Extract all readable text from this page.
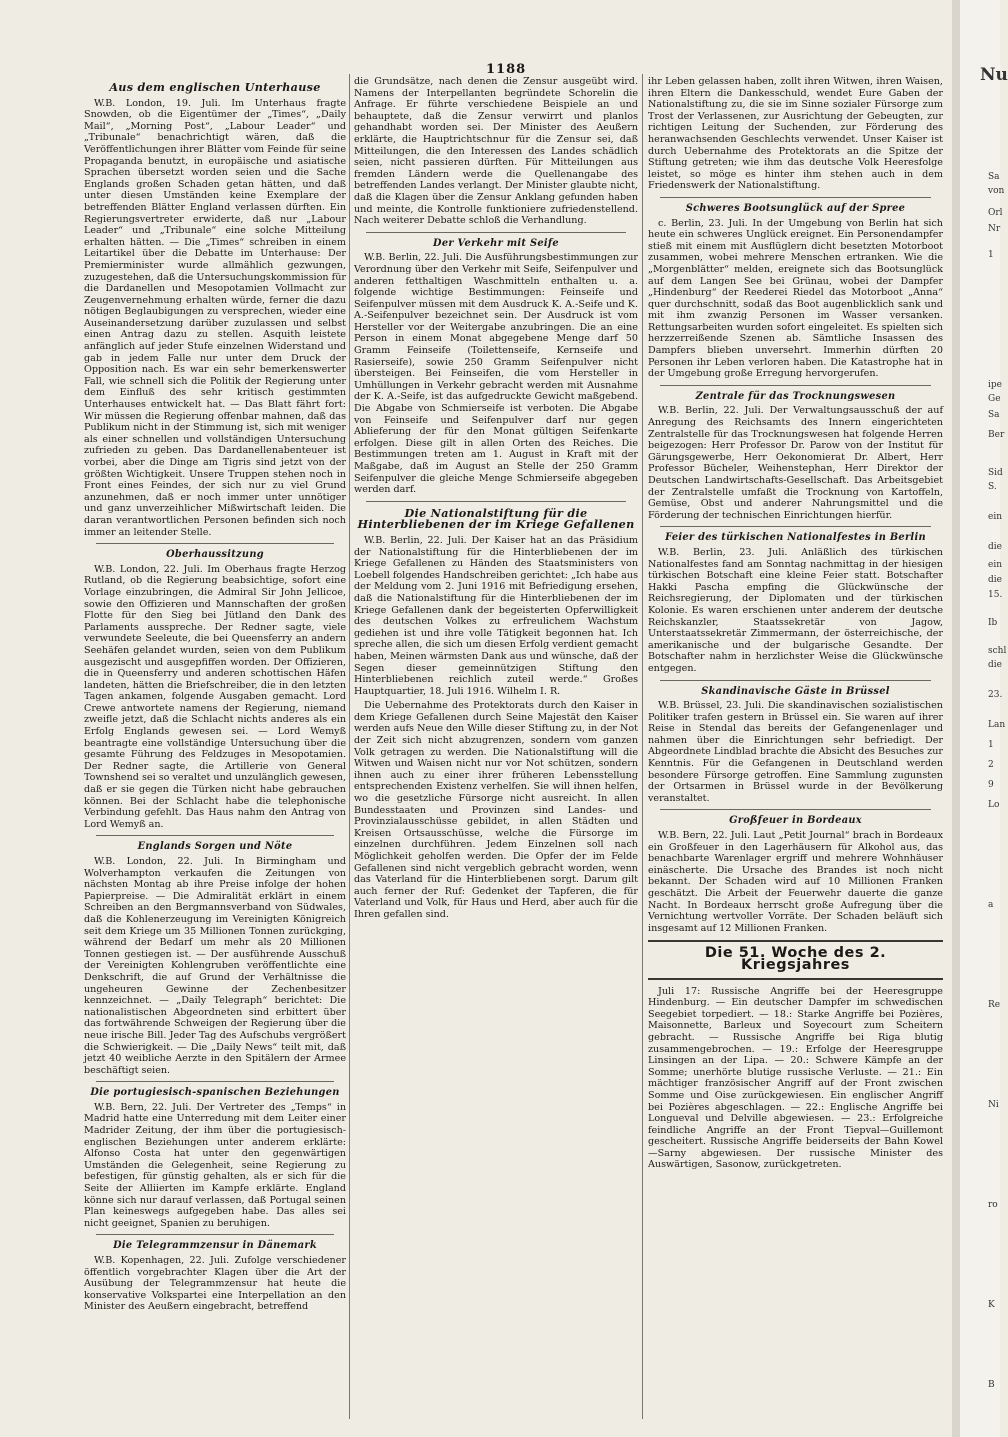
1188
Aus dem englischen Unterhause

W.B. London, 19. Juli. Im Unterhaus fragte Snowden, ob die Eigentümer der „Times“, „Daily Mail“, „Morning Post“, „Labour Leader“ und „Tribunale“ benachrichtigt wären, daß die Veröffentlichungen ihrer Blätter vom Feinde für seine Propaganda benutzt, in europäische und asiatische Sprachen übersetzt worden seien und die Sache Englands großen Schaden getan hätten, und daß unter diesen Umständen keine Exemplare der betreffenden Blätter England verlassen dürften. Ein Regierungsvertreter erwiderte, daß nur „Labour Leader“ und „Tribunale“ eine solche Mitteilung erhalten hätten. — Die „Times“ schreiben in einem Leitartikel über die Debatte im Unterhause: Der Premierminister wurde allmählich gezwungen, zuzugestehen, daß die Untersuchungskommission für die Dardanellen und Mesopotamien Vollmacht zur Zeugenvernehmung erhalten würde, ferner die dazu nötigen Beglaubigungen zu versprechen, wieder eine Auseinandersetzung darüber zuzulassen und selbst einen Antrag dazu zu stellen. Asquith leistete anfänglich auf jeder Stufe einzelnen Widerstand und gab in jedem Falle nur unter dem Druck der Opposition nach. Es war ein sehr bemerkenswerter Fall, wie schnell sich die Politik der Regierung unter dem Einfluß des sehr kritisch gestimmten Unterhauses entwickelt hat. — Das Blatt fährt fort: Wir müssen die Regierung offenbar mahnen, daß das Publikum nicht in der Stimmung ist, sich mit weniger als einer schnellen und vollständigen Untersuchung zufrieden zu geben. Das Dardanellenabenteuer ist vorbei, aber die Dinge am Tigris sind jetzt von der größten Wichtigkeit. Unsere Truppen stehen noch in Front eines Feindes, der sich nur zu viel Grund anzunehmen, daß er noch immer unter unnötiger und ganz unverzeihlicher Mißwirtschaft leiden. Die daran verantwortlichen Personen befinden sich noch immer an leitender Stelle.

Oberhaussitzung

W.B. London, 22. Juli. Im Oberhaus fragte Herzog Rutland, ob die Regierung beabsichtige, sofort eine Vorlage einzubringen, die Admiral Sir John Jellicoe, sowie den Offizieren und Mannschaften der großen Flotte für den Sieg bei Jütland den Dank des Parlaments ausspreche. Der Redner sagte, viele verwundete Seeleute, die bei Queensferry an andern Seehäfen gelandet wurden, seien von dem Publikum ausgezischt und ausgepfiffen worden. Der Offizieren, die in Queensferry und anderen schottischen Häfen landeten, hätten die Briefschreiber, die in den letzten Tagen ankamen, folgende Ausgaben gemacht. Lord Crewe antwortete namens der Regierung, niemand zweifle jetzt, daß die Schlacht nichts anderes als ein Erfolg Englands gewesen sei. — Lord Wemyß beantragte eine vollständige Untersuchung über die gesamte Führung des Feldzuges in Mesopotamien. Der Redner sagte, die Artillerie von General Townshend sei so veraltet und unzulänglich gewesen, daß er sie gegen die Türken nicht habe gebrauchen können. Bei der Schlacht habe die telephonische Verbindung gefehlt. Das Haus nahm den Antrag von Lord Wemyß an.

Englands Sorgen und Nöte

W.B. London, 22. Juli. In Birmingham und Wolverhampton verkaufen die Zeitungen von nächsten Montag ab ihre Preise infolge der hohen Papierpreise. — Die Admiralität erklärt in einem Schreiben an den Bergmannsverband von Südwales, daß die Kohlenerzeugung im Vereinigten Königreich seit dem Kriege um 35 Millionen Tonnen zurückging, während der Bedarf um mehr als 20 Millionen Tonnen gestiegen ist. — Der ausführende Ausschuß der Vereinigten Kohlengruben veröffentlichte eine Denkschrift, die auf Grund der Verhältnisse die ungeheuren Gewinne der Zechenbesitzer kennzeichnet. — „Daily Telegraph“ berichtet: Die nationalistischen Abgeordneten sind erbittert über das fortwährende Schweigen der Regierung über die neue irische Bill. Jeder Tag des Aufschubs vergrößert die Schwierigkeit. — Die „Daily News“ teilt mit, daß jetzt 40 weibliche Aerzte in den Spitälern der Armee beschäftigt seien.

Die portugiesisch-spanischen Beziehungen

W.B. Bern, 22. Juli. Der Vertreter des „Temps“ in Madrid hatte eine Unterredung mit dem Leiter einer Madrider Zeitung, der ihm über die portugiesisch-englischen Beziehungen unter anderem erklärte: Alfonso Costa hat unter den gegenwärtigen Umständen die Gelegenheit, seine Regierung zu befestigen, für günstig gehalten, als er sich für die Seite der Alliierten im Kampfe erklärte. England könne sich nur darauf verlassen, daß Portugal seinen Plan keineswegs aufgegeben habe. Das alles sei nicht geeignet, Spanien zu beruhigen.

Die Telegrammzensur in Dänemark

W.B. Kopenhagen, 22. Juli. Zufolge verschiedener öffentlich vorgebrachter Klagen über die Art der Ausübung der Telegrammzensur hat heute die konservative Volkspartei eine Interpellation an den Minister des Aeußern eingebracht, betreffend

die Grundsätze, nach denen die Zensur ausgeübt wird. Namens der Interpellanten begründete Schorelin die Anfrage. Er führte verschiedene Beispiele an und behauptete, daß die Zensur verwirrt und planlos gehandhabt worden sei. Der Minister des Aeußern erklärte, die Hauptrichtschnur für die Zensur sei, daß Mitteilungen, die den Interessen des Landes schädlich seien, nicht passieren dürften. Für Mitteilungen aus fremden Ländern werde die Quellenangabe des betreffenden Landes verlangt. Der Minister glaubte nicht, daß die Klagen über die Zensur Anklang gefunden haben und meinte, die Kontrolle funktioniere zufriedenstellend. Nach weiterer Debatte schloß die Verhandlung.

Der Verkehr mit Seife

W.B. Berlin, 22. Juli. Die Ausführungsbestimmungen zur Verordnung über den Verkehr mit Seife, Seifenpulver und anderen fetthaltigen Waschmitteln enthalten u. a. folgende wichtige Bestimmungen: Feinseife und Seifenpulver müssen mit dem Ausdruck K. A.-Seife und K. A.-Seifenpulver bezeichnet sein. Der Ausdruck ist vom Hersteller vor der Weitergabe anzubringen. Die an eine Person in einem Monat abgegebene Menge darf 50 Gramm Feinseife (Toilettenseife, Kernseife und Rasierseife), sowie 250 Gramm Seifenpulver nicht übersteigen. Bei Feinseifen, die vom Hersteller in Umhüllungen in Verkehr gebracht werden mit Ausnahme der K. A.-Seife, ist das aufgedruckte Gewicht maßgebend. Die Abgabe von Schmierseife ist verboten. Die Abgabe von Feinseife und Seifenpulver darf nur gegen Ablieferung der für den Monat gültigen Seifenkarte erfolgen. Diese gilt in allen Orten des Reiches. Die Bestimmungen treten am 1. August in Kraft mit der Maßgabe, daß im August an Stelle der 250 Gramm Seifenpulver die gleiche Menge Schmierseife abgegeben werden darf.

Die Nationalstiftung für die Hinterbliebenen der im Kriege Gefallenen

W.B. Berlin, 22. Juli. Der Kaiser hat an das Präsidium der Nationalstiftung für die Hinterbliebenen der im Kriege Gefallenen zu Händen des Staatsministers von Loebell folgendes Handschreiben gerichtet: „Ich habe aus der Meldung vom 2. Juni 1916 mit Befriedigung ersehen, daß die Nationalstiftung für die Hinterbliebenen der im Kriege Gefallenen dank der begeisterten Opferwilligkeit des deutschen Volkes zu erfreulichem Wachstum gediehen ist und ihre volle Tätigkeit begonnen hat. Ich spreche allen, die sich um diesen Erfolg verdient gemacht haben, Meinen wärmsten Dank aus und wünsche, daß der Segen dieser gemeinnützigen Stiftung den Hinterbliebenen reichlich zuteil werde.“ Großes Hauptquartier, 18. Juli 1916. Wilhelm I. R.

Die Uebernahme des Protektorats durch den Kaiser in dem Kriege Gefallenen durch Seine Majestät den Kaiser werden aufs Neue den Wille dieser Stiftung zu, in der Not der Zeit sich nicht abzugrenzen, sondern vom ganzen Volk getragen zu werden. Die Nationalstiftung will die Witwen und Waisen nicht nur vor Not schützen, sondern ihnen auch zu einer ihrer früheren Lebensstellung entsprechenden Existenz verhelfen. Sie will ihnen helfen, wo die gesetzliche Fürsorge nicht ausreicht. In allen Bundesstaaten und Provinzen sind Landes- und Provinzialausschüsse gebildet, in allen Städten und Kreisen Ortsausschüsse, welche die Fürsorge im einzelnen durchführen. Jedem Einzelnen soll nach Möglichkeit geholfen werden. Die Opfer der im Felde Gefallenen sind nicht vergeblich gebracht worden, wenn das Vaterland für die Hinterbliebenen sorgt. Darum gilt auch ferner der Ruf: Gedenket der Tapferen, die für Vaterland und Volk, für Haus und Herd, aber auch für die Ihren gefallen sind.

ihr Leben gelassen haben, zollt ihren Witwen, ihren Waisen, ihren Eltern die Dankesschuld, wendet Eure Gaben der Nationalstiftung zu, die sie im Sinne sozialer Fürsorge zum Trost der Verlassenen, zur Ausrichtung der Gebeugten, zur richtigen Leitung der Suchenden, zur Förderung des heranwachsenden Geschlechts verwendet. Unser Kaiser ist durch Uebernahme des Protektorats an die Spitze der Stiftung getreten; wie ihm das deutsche Volk Heeresfolge leistet, so möge es hinter ihm stehen auch in dem Friedenswerk der Nationalstiftung.

Schweres Bootsunglück auf der Spree

c. Berlin, 23. Juli. In der Umgebung von Berlin hat sich heute ein schweres Unglück ereignet. Ein Personendampfer stieß mit einem mit Ausflüglern dicht besetzten Motorboot zusammen, wobei mehrere Menschen ertranken. Wie die „Morgenblätter“ melden, ereignete sich das Bootsunglück auf dem Langen See bei Grünau, wobei der Dampfer „Hindenburg“ der Reederei Riedel das Motorboot „Anna“ quer durchschnitt, sodaß das Boot augenblicklich sank und mit ihm zwanzig Personen im Wasser versanken. Rettungsarbeiten wurden sofort eingeleitet. Es spielten sich herzzerreißende Szenen ab. Sämtliche Insassen des Dampfers blieben unversehrt. Immerhin dürften 20 Personen ihr Leben verloren haben. Die Katastrophe hat in der Umgebung große Erregung hervorgerufen.

Zentrale für das Trocknungswesen

W.B. Berlin, 22. Juli. Der Verwaltungsausschuß der auf Anregung des Reichsamts des Innern eingerichteten Zentralstelle für das Trocknungswesen hat folgende Herren beigezogen: Herr Professor Dr. Parow von der Institut für Gärungsgewerbe, Herr Oekonomierat Dr. Albert, Herr Professor Bücheler, Weihenstephan, Herr Direktor der Deutschen Landwirtschafts-Gesellschaft. Das Arbeitsgebiet der Zentralstelle umfaßt die Trocknung von Kartoffeln, Gemüse, Obst und anderer Nahrungsmittel und die Förderung der technischen Einrichtungen hierfür.

Feier des türkischen Nationalfestes in Berlin

W.B. Berlin, 23. Juli. Anläßlich des türkischen Nationalfestes fand am Sonntag nachmittag in der hiesigen türkischen Botschaft eine kleine Feier statt. Botschafter Hakki Pascha empfing die Glückwünsche der Reichsregierung, der Diplomaten und der türkischen Kolonie. Es waren erschienen unter anderem der deutsche Reichskanzler, Staatssekretär von Jagow, Unterstaatssekretär Zimmermann, der österreichische, der amerikanische und der bulgarische Gesandte. Der Botschafter nahm in herzlichster Weise die Glückwünsche entgegen.

Skandinavische Gäste in Brüssel

W.B. Brüssel, 23. Juli. Die skandinavischen sozialistischen Politiker trafen gestern in Brüssel ein. Sie waren auf ihrer Reise in Stendal das bereits der Gefangenenlager und nahmen über die Einrichtungen sehr befriedigt. Der Abgeordnete Lindblad brachte die Absicht des Besuches zur Kenntnis. Für die Gefangenen in Deutschland werden besondere Fürsorge getroffen. Eine Sammlung zugunsten der Ortsarmen in Brüssel wurde in der Bevölkerung veranstaltet.

Großfeuer in Bordeaux

W.B. Bern, 22. Juli. Laut „Petit Journal“ brach in Bordeaux ein Großfeuer in den Lagerhäusern für Alkohol aus, das benachbarte Warenlager ergriff und mehrere Wohnhäuser einäscherte. Die Ursache des Brandes ist noch nicht bekannt. Der Schaden wird auf 10 Millionen Franken geschätzt. Die Arbeit der Feuerwehr dauerte die ganze Nacht. In Bordeaux herrscht große Aufregung über die Vernichtung wertvoller Vorräte. Der Schaden beläuft sich insgesamt auf 12 Millionen Franken.

Die 51. Woche des 2. Kriegsjahres

Juli 17: Russische Angriffe bei der Heeresgruppe Hindenburg. — Ein deutscher Dampfer im schwedischen Seegebiet torpediert. — 18.: Starke Angriffe bei Pozières, Maisonnette, Barleux und Soyecourt zum Scheitern gebracht. — Russische Angriffe bei Riga blutig zusammengebrochen. — 19.: Erfolge der Heeresgruppe Linsingen an der Lipa. — 20.: Schwere Kämpfe an der Somme; unerhörte blutige russische Verluste. — 21.: Ein mächtiger französischer Angriff auf der Front zwischen Somme und Oise zurückgewiesen. Ein englischer Angriff bei Pozières abgeschlagen. — 22.: Englische Angriffe bei Longueval und Delville abgewiesen. — 23.: Erfolgreiche feindliche Angriffe an der Front Tiepval—Guillemont gescheitert. Russische Angriffe beiderseits der Bahn Kowel—Sarny abgewiesen. Der russische Minister des Auswärtigen, Sasonow, zurückgetreten.

Nu
Sa
von
Orl
Nr
1
ipe
Ge
Sa
Ber
Sid
S.
ein
die
ein
die
15.
Ib
schl
die
23.
Lan
1
2
9
Lo
a
Re
Ni
ro
K
B
